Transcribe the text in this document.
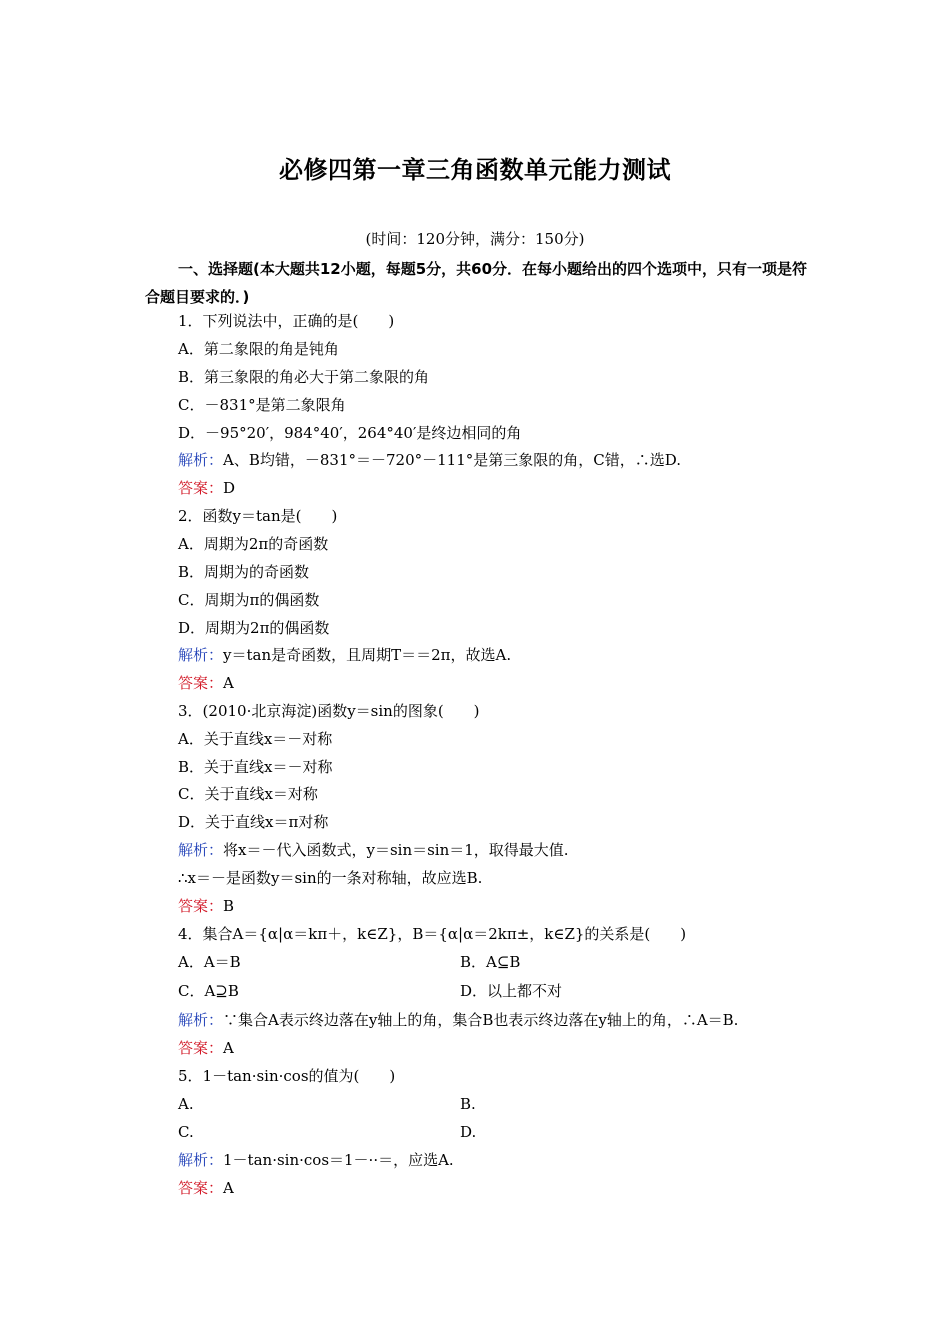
必修四第一章三角函数单元能力测试
(时间：120分钟，满分：150分)
一、选择题(本大题共12小题，每题5分，共60分．在每小题给出的四个选项中，只有一项是符合题目要求的．)
1．下列说法中，正确的是(　　)
A．第二象限的角是钝角
B．第三象限的角必大于第二象限的角
C．－831°是第二象限角
D．－95°20′，984°40′，264°40′是终边相同的角
解析：A、B均错，－831°＝－720°－111°是第三象限的角，C错，∴选D.
答案：D
2．函数y＝tan是(　　)
A．周期为2π的奇函数
B．周期为的奇函数
C．周期为π的偶函数
D．周期为2π的偶函数
解析：y＝tan是奇函数，且周期T＝＝2π，故选A.
答案：A
3．(2010·北京海淀)函数y＝sin的图象(　　)
A．关于直线x＝－对称
B．关于直线x＝－对称
C．关于直线x＝对称
D．关于直线x＝π对称
解析：将x＝－代入函数式，y＝sin＝sin＝1，取得最大值.
∴x＝－是函数y＝sin的一条对称轴，故应选B.
答案：B
4．集合A＝{α|α＝kπ＋，k∈Z}，B＝{α|α＝2kπ±，k∈Z}的关系是(　　)
A．A＝B	B．A⊆B
C．A⊇B	D．以上都不对
解析：∵集合A表示终边落在y轴上的角，集合B也表示终边落在y轴上的角，∴A＝B.
答案：A
5．1－tan·sin·cos的值为(　　)
A.	B.
C.	D.
解析：1－tan·sin·cos＝1－··＝，应选A.
答案：A
